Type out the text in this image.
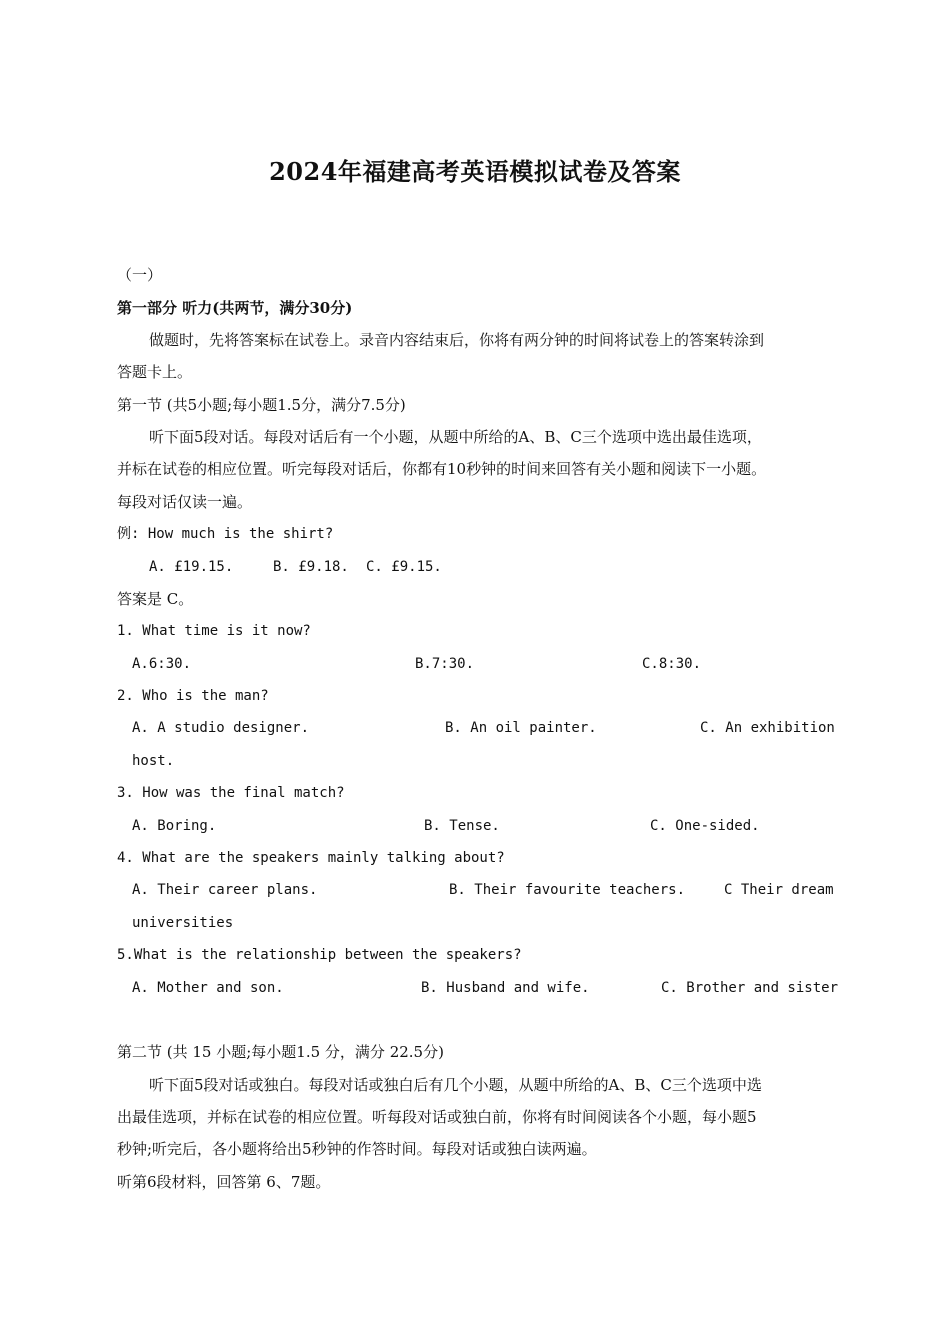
2024年福建高考英语模拟试卷及答案
（一）
第一部分 听力(共两节，满分30分)
做题时，先将答案标在试卷上。录音内容结束后，你将有两分钟的时间将试卷上的答案转涂到
答题卡上。
第一节 (共5小题;每小题1.5分，满分7.5分)
听下面5段对话。每段对话后有一个小题，从题中所给的A、B、C三个选项中选出最佳选项，
并标在试卷的相应位置。听完每段对话后，你都有10秒钟的时间来回答有关小题和阅读下一小题。
每段对话仅读一遍。
例: How much is the shirt?
A. £19.15.	B. £9.18. C. £9.15.
答案是 C。
1. What time is it now?
A.6:30.	B.7:30.	C.8:30.
2. Who is the man?
A. A studio designer.	B. An oil painter.	C. An exhibition
host.
3. How was the final match?
A. Boring.	B. Tense.	C. One-sided.
4. What are the speakers mainly talking about?
A. Their career plans.	B. Their favourite teachers.	C Their dream
universities
5.What is the relationship between the speakers?
A. Mother and son.	B. Husband and wife.	C. Brother and sister
第二节 (共 15 小题;每小题1.5 分，满分 22.5分)
听下面5段对话或独白。每段对话或独白后有几个小题，从题中所给的A、B、C三个选项中选
出最佳选项，并标在试卷的相应位置。听每段对话或独白前，你将有时间阅读各个小题，每小题5
秒钟;听完后，各小题将给出5秒钟的作答时间。每段对话或独白读两遍。
听第6段材料，回答第 6、7题。
